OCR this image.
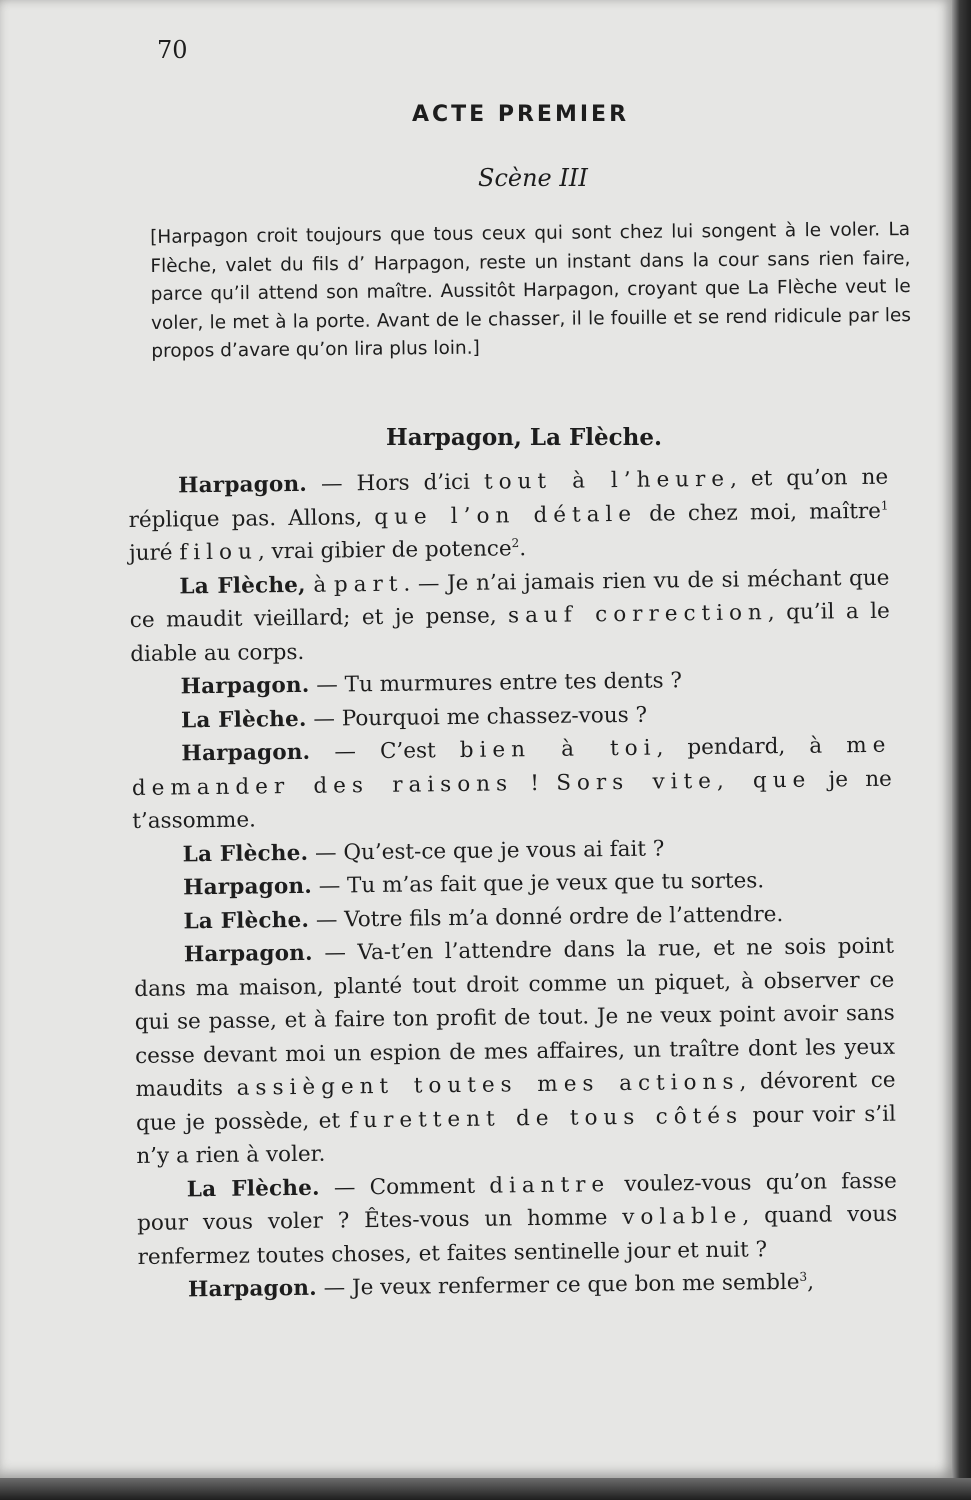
70
ACTE PREMIER
Scène III
[Harpagon croit toujours que tous ceux qui sont chez lui songent à le voler. La Flèche, valet du fils d’ Harpagon, reste un instant dans la cour sans rien faire, parce qu’il attend son maître. Aussitôt Harpagon, croyant que La Flèche veut le voler, le met à la porte. Avant de le chasser, il le fouille et se rend ridicule par les propos d’avare qu’on lira plus loin.]
Harpagon, La Flèche.

Harpagon. — Hors d’ici tout à l’heure, et qu’on ne réplique pas. Allons, que l’on détale de chez moi, maître$^1$ juré filou, vrai gibier de potence$^2$.

La Flèche, à part. — Je n’ai jamais rien vu de si méchant que ce maudit vieillard; et je pense, sauf correction, qu’il a le diable au corps.

Harpagon. — Tu murmures entre tes dents ?

La Flèche. — Pourquoi me chassez-vous ?

Harpagon. — C’est bien à toi, pendard, à me demander des raisons ! Sors vite, que je ne t’assomme.

La Flèche. — Qu’est-ce que je vous ai fait ?

Harpagon. — Tu m’as fait que je veux que tu sortes.

La Flèche. — Votre fils m’a donné ordre de l’attendre.

Harpagon. — Va-t’en l’attendre dans la rue, et ne sois point dans ma maison, planté tout droit comme un piquet, à observer ce qui se passe, et à faire ton profit de tout. Je ne veux point avoir sans cesse devant moi un espion de mes affaires, un traître dont les yeux maudits assiègent toutes mes actions, dévorent ce que je possède, et furettent de tous côtés pour voir s’il n’y a rien à voler.

La Flèche. — Comment diantre voulez-vous qu’on fasse pour vous voler ? Êtes-vous un homme volable, quand vous renfermez toutes choses, et faites sentinelle jour et nuit ?

Harpagon. — Je veux renfermer ce que bon me semble$^3$,
